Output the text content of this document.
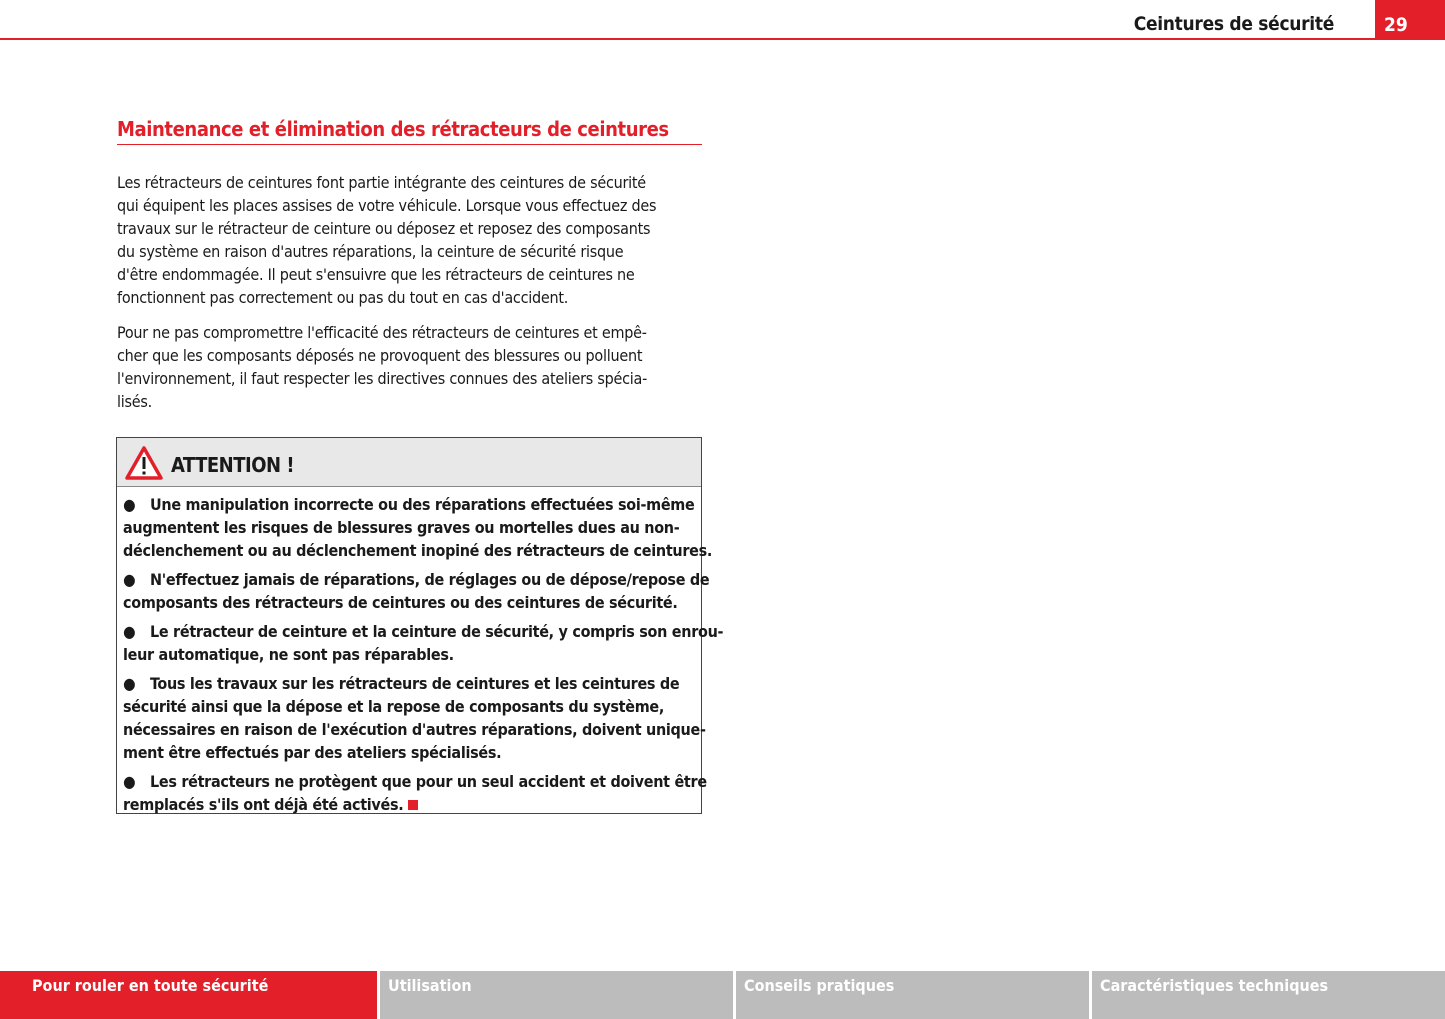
Ceintures de sécurité	29
Maintenance et élimination des rétracteurs de ceintures
Les rétracteurs de ceintures font partie intégrante des ceintures de sécurité
qui équipent les places assises de votre véhicule. Lorsque vous effectuez des
travaux sur le rétracteur de ceinture ou déposez et reposez des composants
du système en raison d'autres réparations, la ceinture de sécurité risque
d'être endommagée. Il peut s'ensuivre que les rétracteurs de ceintures ne
fonctionnent pas correctement ou pas du tout en cas d'accident.
Pour ne pas compromettre l'efficacité des rétracteurs de ceintures et empê-
cher que les composants déposés ne provoquent des blessures ou polluent
l'environnement, il faut respecter les directives connues des ateliers spécia-
lisés.
ATTENTION !
● Une manipulation incorrecte ou des réparations effectuées soi-même
augmentent les risques de blessures graves ou mortelles dues au non-
déclenchement ou au déclenchement inopiné des rétracteurs de ceintures.
● N'effectuez jamais de réparations, de réglages ou de dépose/repose de
composants des rétracteurs de ceintures ou des ceintures de sécurité.
● Le rétracteur de ceinture et la ceinture de sécurité, y compris son enrou-
leur automatique, ne sont pas réparables.
● Tous les travaux sur les rétracteurs de ceintures et les ceintures de
sécurité ainsi que la dépose et la repose de composants du système,
nécessaires en raison de l'exécution d'autres réparations, doivent unique-
ment être effectués par des ateliers spécialisés.
● Les rétracteurs ne protègent que pour un seul accident et doivent être
remplacés s'ils ont déjà été activés.
Pour rouler en toute sécurité	Utilisation	Conseils pratiques	Caractéristiques techniques
